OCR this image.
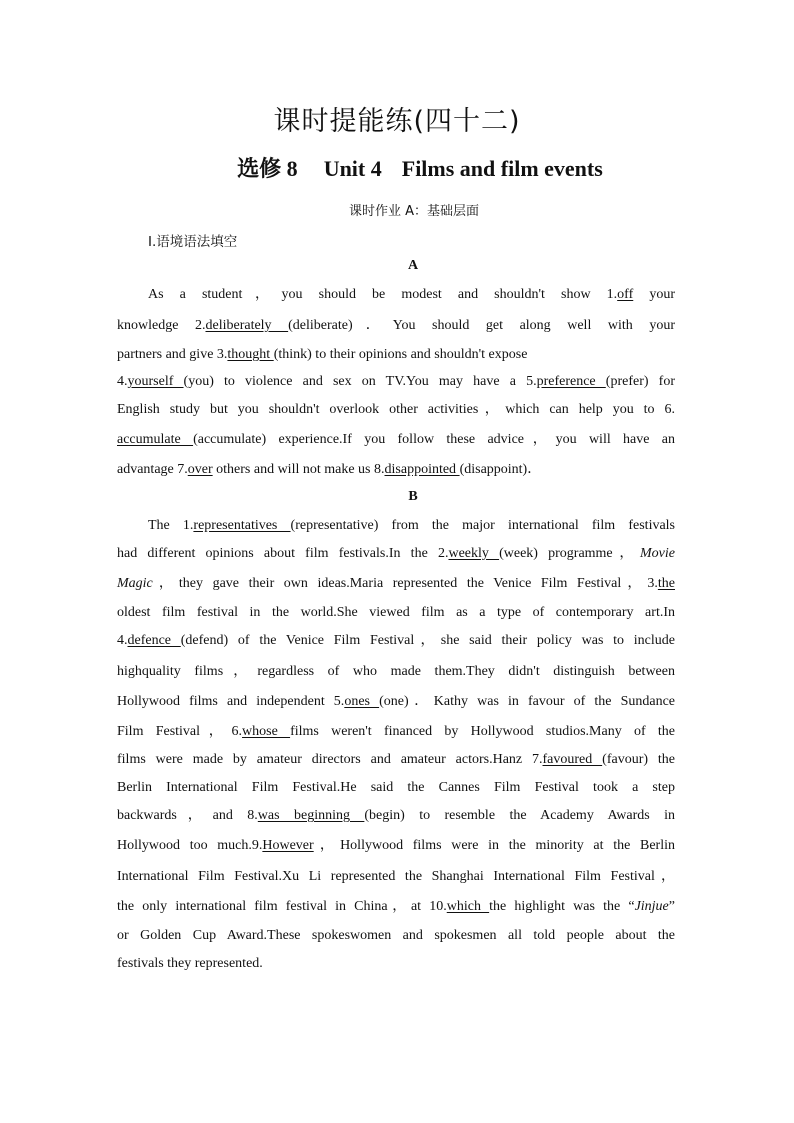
课时提能练(四十二)
选修 8 Unit 4 Films and film events
课时作业 A：基础层面
Ⅰ.语境语法填空
A
As a student，you should be modest and shouldn't show 1.off your
knowledge 2.deliberately (deliberate)．You should get along well with your
partners and give 3.thought (think) to their opinions and shouldn't expose
4.yourself (you) to violence and sex on TV.You may have a 5.preference (prefer) for
English study but you shouldn't overlook other activities，which can help you to 6.
accumulate (accumulate) experience.If you follow these advice，you will have an
advantage 7.over others and will not make us 8.disappointed (disappoint)．
B
The 1.representatives (representative) from the major international film festivals
had different opinions about film festivals.In the 2.weekly (week) programme，Movie
Magic，they gave their own ideas.Maria represented the Venice Film Festival，3.the
oldest film festival in the world.She viewed film as a type of contemporary art.In
4.defence (defend) of the Venice Film Festival，she said their policy was to include
highquality films，regardless of who made them.They didn't distinguish between
Hollywood films and independent 5.ones (one)．Kathy was in favour of the Sundance
Film Festival，6.whose films weren't financed by Hollywood studios.Many of the
films were made by amateur directors and amateur actors.Hanz 7.favoured (favour) the
Berlin International Film Festival.He said the Cannes Film Festival took a step
backwards，and 8.was beginning (begin) to resemble the Academy Awards in
Hollywood too much.9.However，Hollywood films were in the minority at the Berlin
International Film Festival.Xu Li represented the Shanghai International Film Festival，
the only international film festival in China，at 10.which the highlight was the “Jinjue”
or Golden Cup Award.These spokeswomen and spokesmen all told people about the
festivals they represented.
